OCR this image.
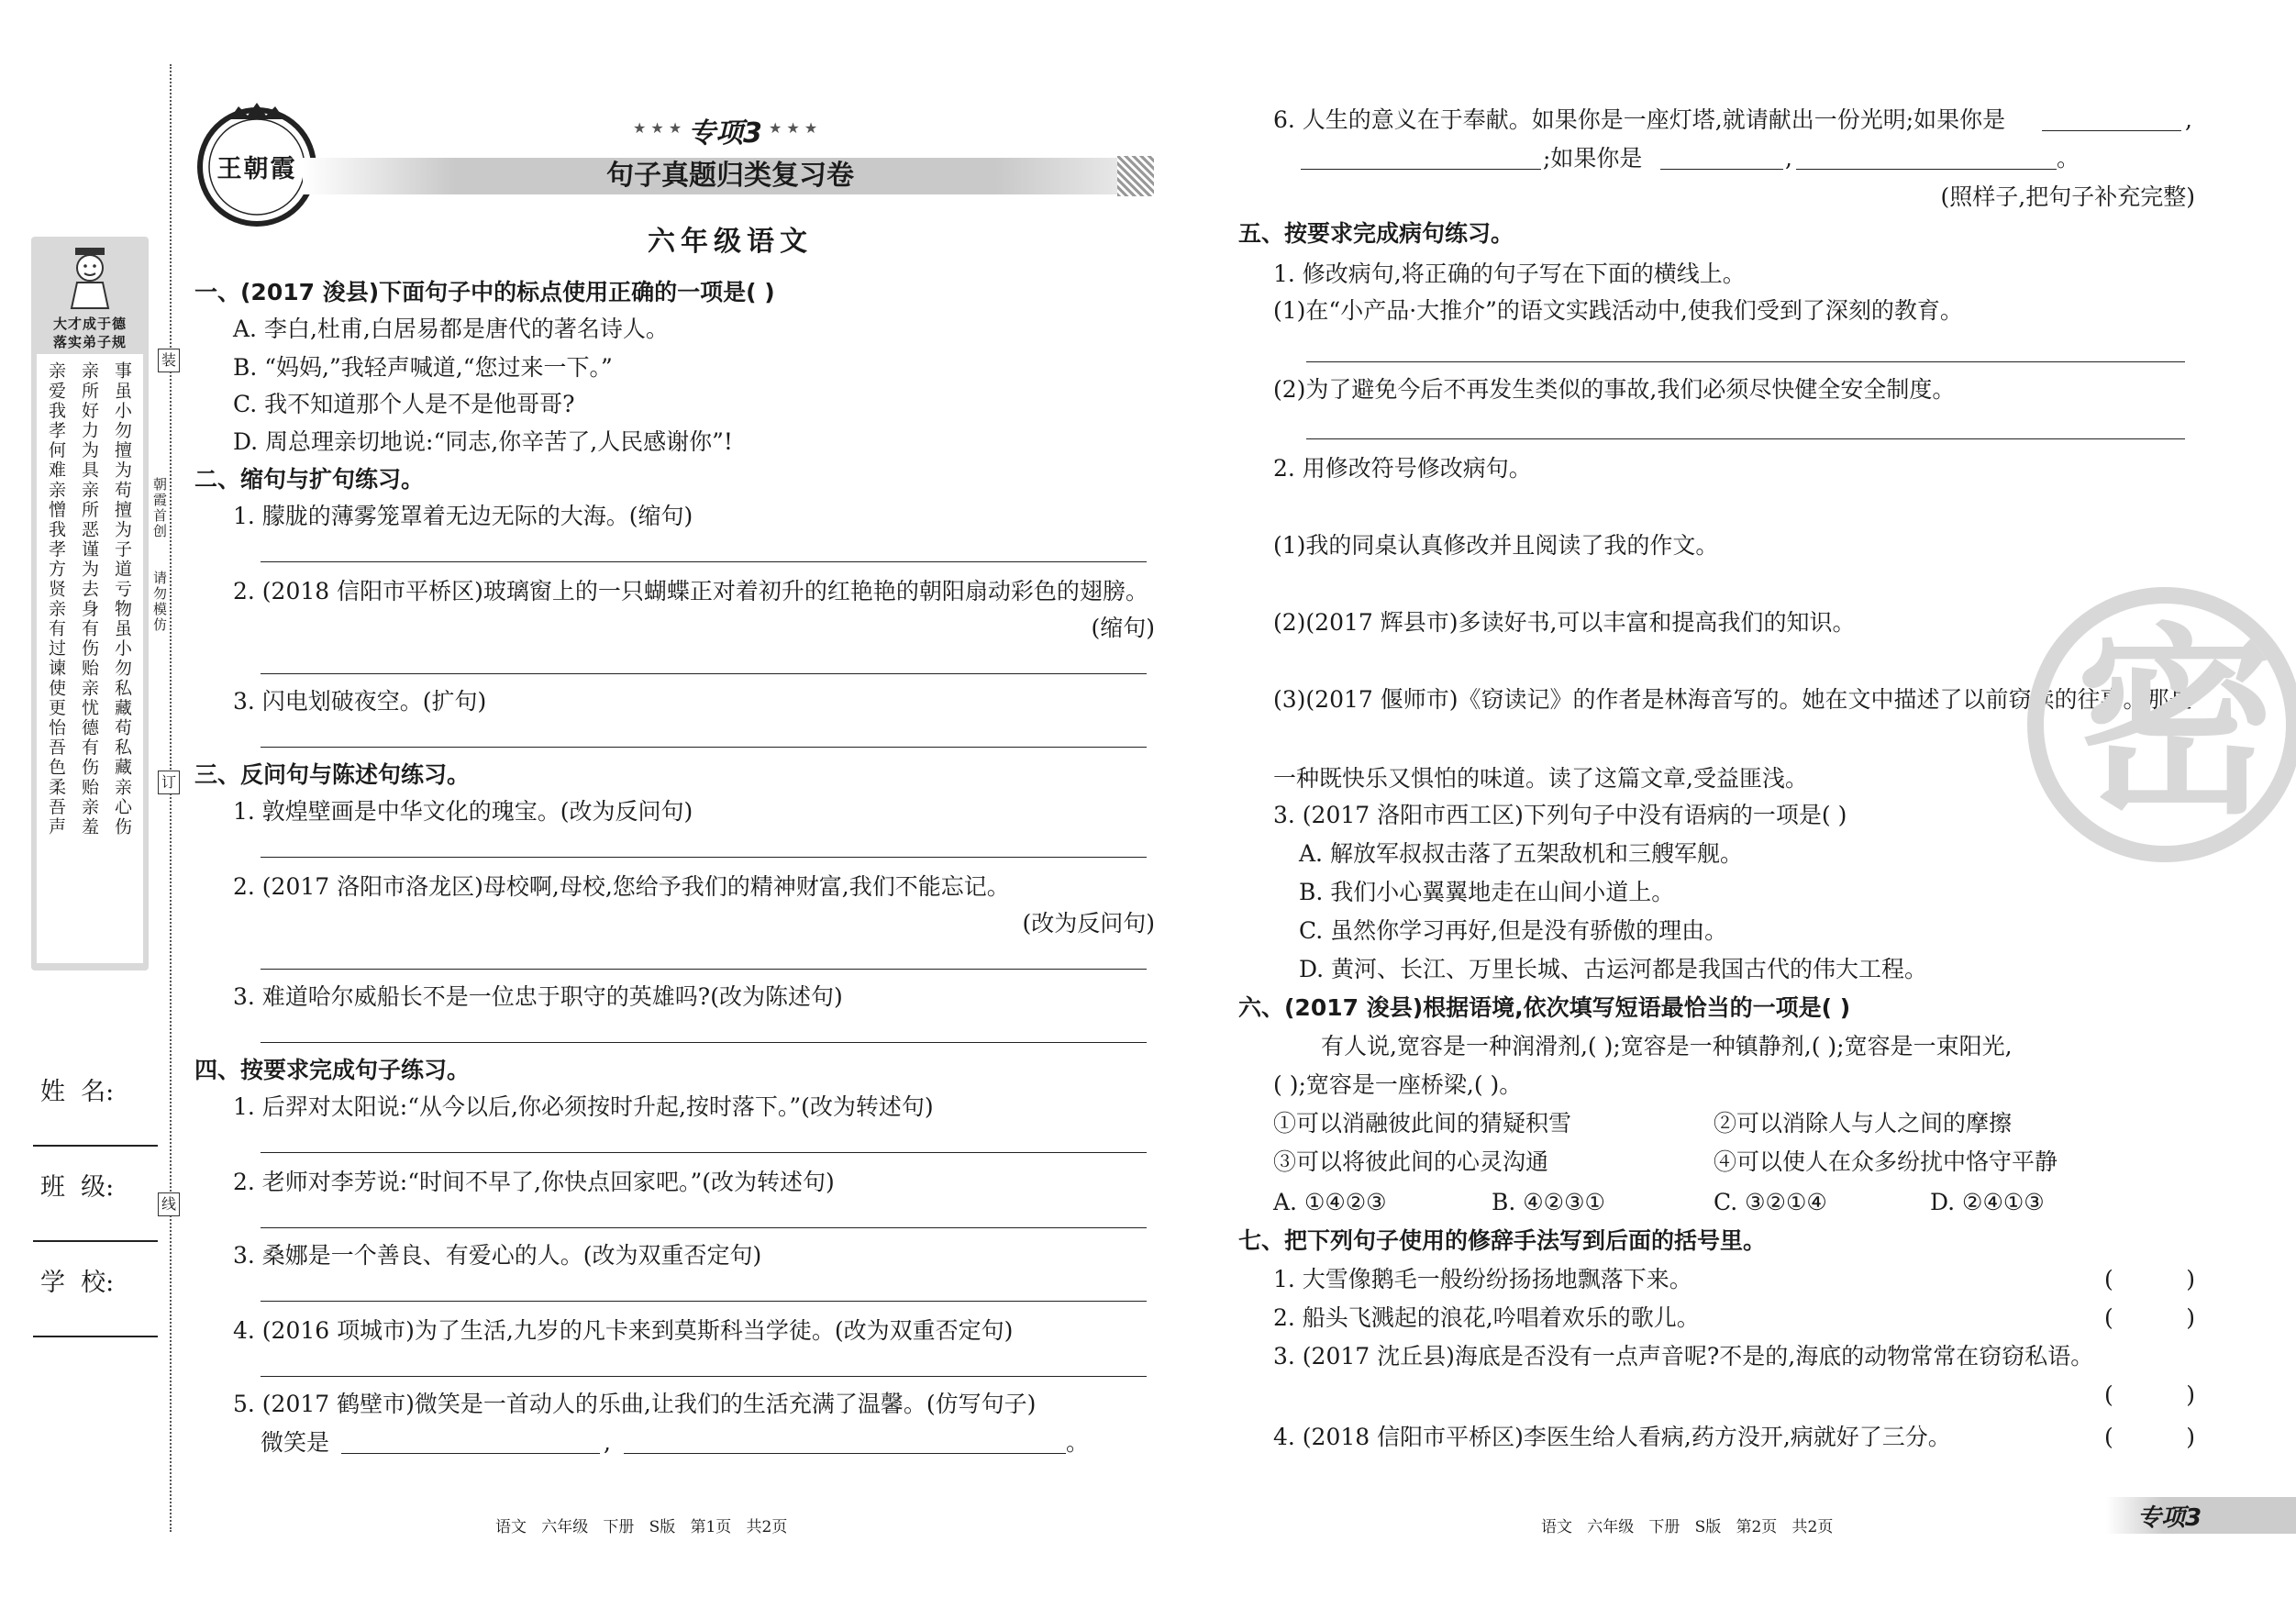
大才成于德
落实弟子规
亲爱我孝何难亲憎我孝方贤亲有过谏使更怡吾色柔吾声 亲所好力为具亲所恶谨为去身有伤贻亲忧德有伤贻亲羞 事虽小勿擅为苟擅为子道亏物虽小勿私藏苟私藏亲心伤
装
订
线
朝霞首创
请勿模仿
姓  名:
班  级:
学  校:
王朝霞
★ ★ ★ 专项3 ★ ★ ★
句子真题归类复习卷
六年级语文
一、(2017 浚县)下面句子中的标点使用正确的一项是( )
A. 李白,杜甫,白居易都是唐代的著名诗人。
B. “妈妈,”我轻声喊道,“您过来一下。”
C. 我不知道那个人是不是他哥哥?
D. 周总理亲切地说:“同志,你辛苦了,人民感谢你”!
二、缩句与扩句练习。
1. 朦胧的薄雾笼罩着无边无际的大海。(缩句)
2. (2018 信阳市平桥区)玻璃窗上的一只蝴蝶正对着初升的红艳艳的朝阳扇动彩色的翅膀。
(缩句)
3. 闪电划破夜空。(扩句)
三、反问句与陈述句练习。
1. 敦煌壁画是中华文化的瑰宝。(改为反问句)
2. (2017 洛阳市洛龙区)母校啊,母校,您给予我们的精神财富,我们不能忘记。
(改为反问句)
3. 难道哈尔威船长不是一位忠于职守的英雄吗?(改为陈述句)
四、按要求完成句子练习。
1. 后羿对太阳说:“从今以后,你必须按时升起,按时落下。”(改为转述句)
2. 老师对李芳说:“时间不早了,你快点回家吧。”(改为转述句)
3. 桑娜是一个善良、有爱心的人。(改为双重否定句)
4. (2016 项城市)为了生活,九岁的凡卡来到莫斯科当学徒。(改为双重否定句)
5. (2017 鹤壁市)微笑是一首动人的乐曲,让我们的生活充满了温馨。(仿写句子)
微笑是	,	。
语文   六年级   下册   S版   第1页   共2页
6. 人生的意义在于奉献。如果你是一座灯塔,就请献出一份光明;如果你是	,
;如果你是	,	。
(照样子,把句子补充完整)
五、按要求完成病句练习。
1. 修改病句,将正确的句子写在下面的横线上。
(1)在“小产品·大推介”的语文实践活动中,使我们受到了深刻的教育。
(2)为了避免今后不再发生类似的事故,我们必须尽快健全安全制度。
2. 用修改符号修改病句。
(1)我的同桌认真修改并且阅读了我的作文。
(2)(2017 辉县市)多读好书,可以丰富和提高我们的知识。
(3)(2017 偃师市)《窃读记》的作者是林海音写的。她在文中描述了以前窃读的往事。那是
一种既快乐又惧怕的味道。读了这篇文章,受益匪浅。
3. (2017 洛阳市西工区)下列句子中没有语病的一项是( )
A. 解放军叔叔击落了五架敌机和三艘军舰。
B. 我们小心翼翼地走在山间小道上。
C. 虽然你学习再好,但是没有骄傲的理由。
D. 黄河、长江、万里长城、古运河都是我国古代的伟大工程。
六、(2017 浚县)根据语境,依次填写短语最恰当的一项是( )
有人说,宽容是一种润滑剂,( );宽容是一种镇静剂,( );宽容是一束阳光,
( );宽容是一座桥梁,( )。
①可以消融彼此间的猜疑积雪	②可以消除人与人之间的摩擦
③可以将彼此间的心灵沟通	④可以使人在众多纷扰中恪守平静
A. ①④②③	B. ④②③①	C. ③②①④	D. ②④①③
七、把下列句子使用的修辞手法写到后面的括号里。
1. 大雪像鹅毛一般纷纷扬扬地飘落下来。	(          )
2. 船头飞溅起的浪花,吟唱着欢乐的歌儿。	(          )
3. (2017 沈丘县)海底是否没有一点声音呢?不是的,海底的动物常常在窃窃私语。
(          )
4. (2018 信阳市平桥区)李医生给人看病,药方没开,病就好了三分。	(          )
语文   六年级   下册   S版   第2页   共2页	专项3
密
